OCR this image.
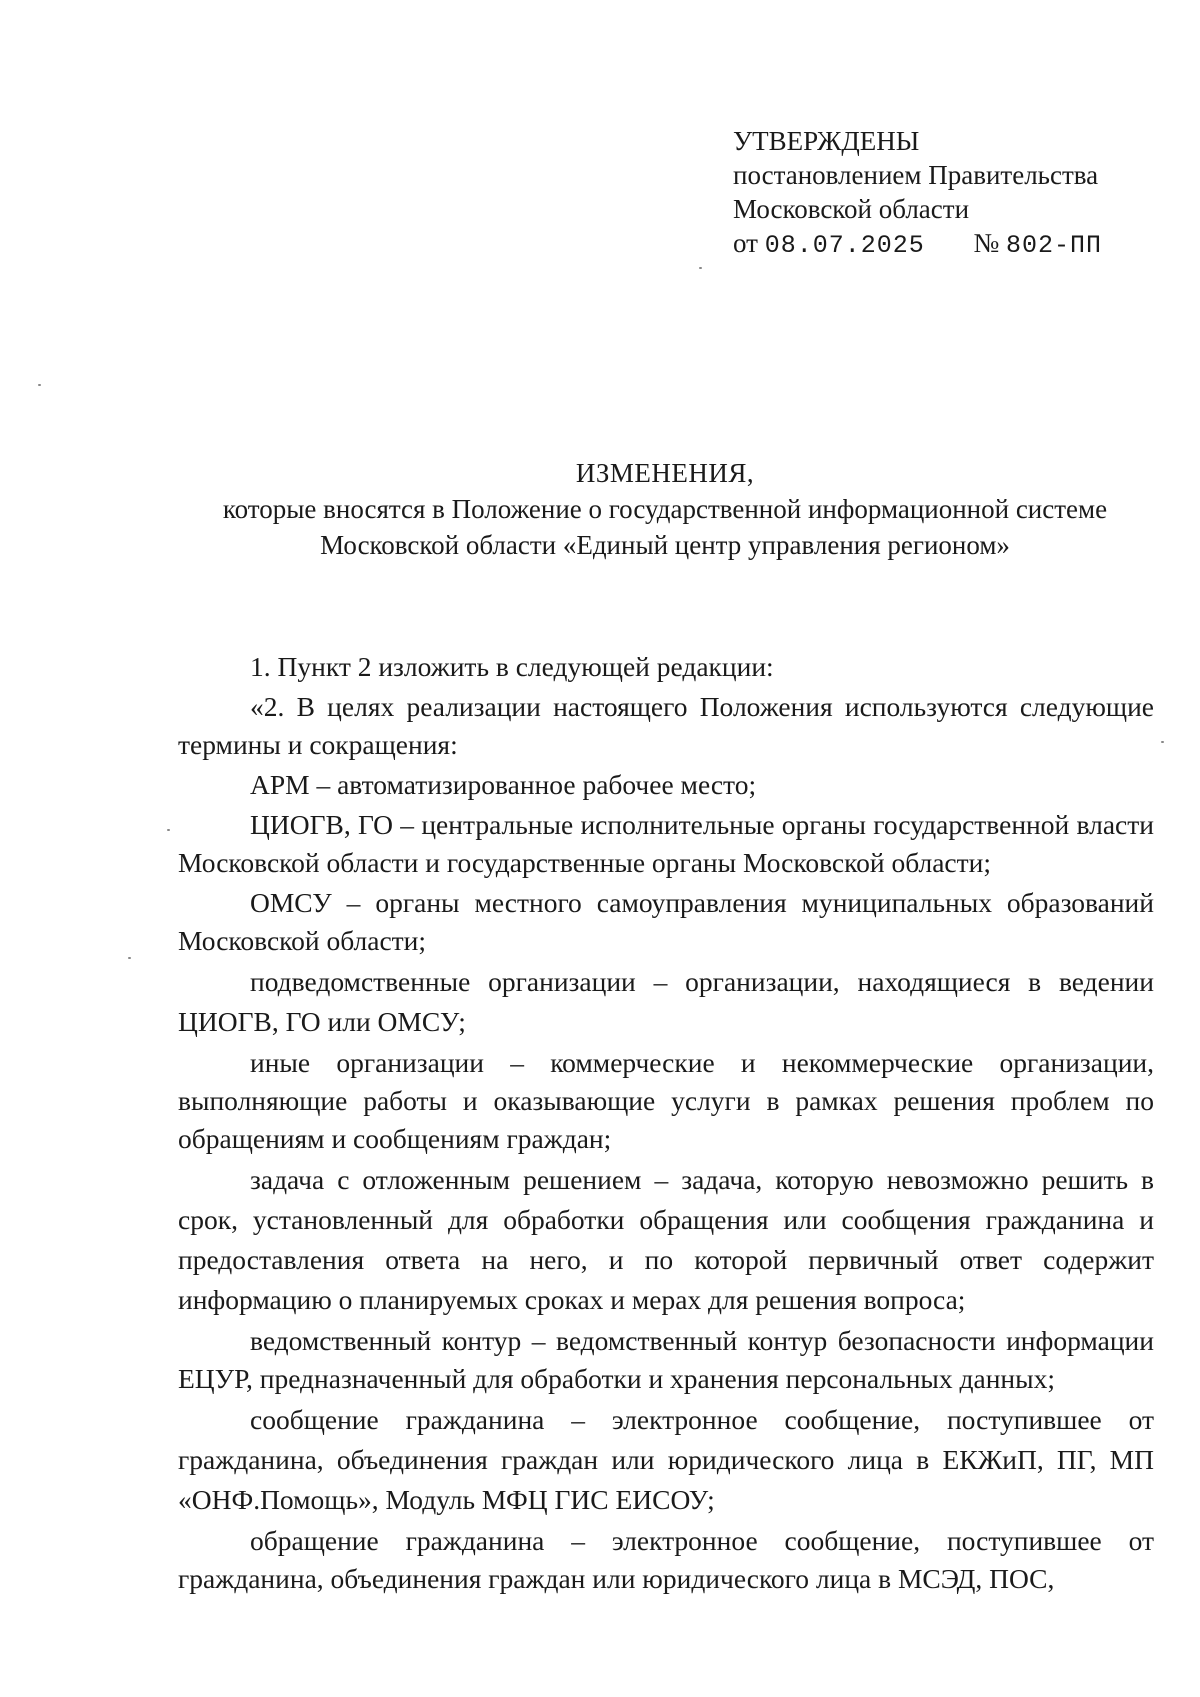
УТВЕРЖДЕНЫ
постановлением Правительства
Московской области
от 08.07.2025 № 802-ПП
ИЗМЕНЕНИЯ,
которые вносятся в Положение о государственной информационной системе
Московской области «Единый центр управления регионом»

1. Пункт 2 изложить в следующей редакции:

«2. В целях реализации настоящего Положения используются следующие термины и сокращения:

АРМ – автоматизированное рабочее место;

ЦИОГВ, ГО – центральные исполнительные органы государственной власти Московской области и государственные органы Московской области;

ОМСУ – органы местного самоуправления муниципальных образований Московской области;

подведомственные организации – организации, находящиеся в ведении ЦИОГВ, ГО или ОМСУ;

иные организации – коммерческие и некоммерческие организации, выполняющие работы и оказывающие услуги в рамках решения проблем по обращениям и сообщениям граждан;

задача с отложенным решением – задача, которую невозможно решить в срок, установленный для обработки обращения или сообщения гражданина и предоставления ответа на него, и по которой первичный ответ содержит информацию о планируемых сроках и мерах для решения вопроса;

ведомственный контур – ведомственный контур безопасности информации ЕЦУР, предназначенный для обработки и хранения персональных данных;

сообщение гражданина – электронное сообщение, поступившее от гражданина, объединения граждан или юридического лица в ЕКЖиП, ПГ, МП «ОНФ.Помощь», Модуль МФЦ ГИС ЕИСОУ;

обращение гражданина – электронное сообщение, поступившее от гражданина, объединения граждан или юридического лица в МСЭД, ПОС,
